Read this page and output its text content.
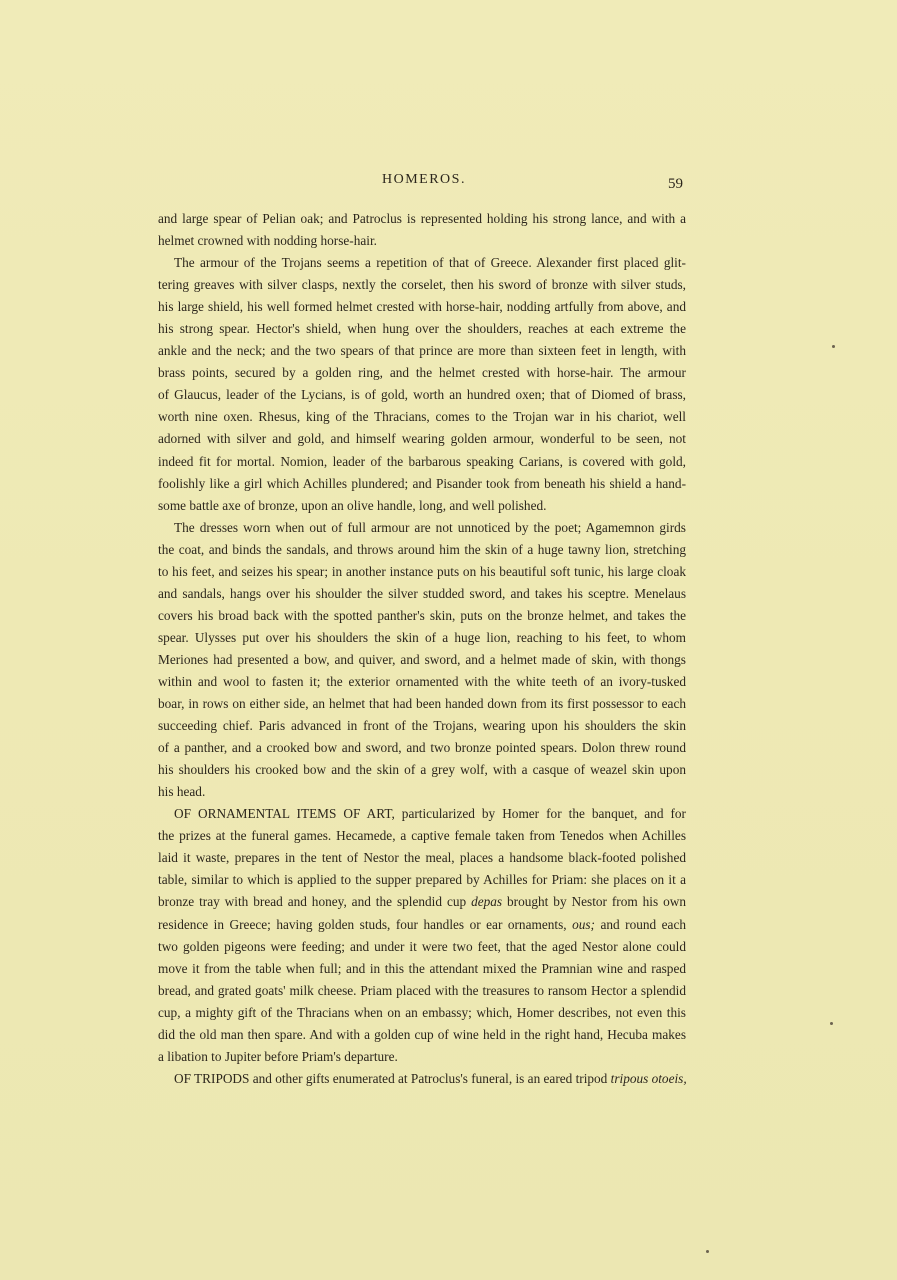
HOMEROS.	59
and large spear of Pelian oak; and Patroclus is represented holding his strong lance, and with a
helmet crowned with nodding horse-hair.
The armour of the Trojans seems a repetition of that of Greece. Alexander first placed glit-
tering greaves with silver clasps, nextly the corselet, then his sword of bronze with silver studs,
his large shield, his well formed helmet crested with horse-hair, nodding artfully from above, and
his strong spear. Hector's shield, when hung over the shoulders, reaches at each extreme the
ankle and the neck; and the two spears of that prince are more than sixteen feet in length, with
brass points, secured by a golden ring, and the helmet crested with horse-hair. The armour
of Glaucus, leader of the Lycians, is of gold, worth an hundred oxen; that of Diomed of brass,
worth nine oxen. Rhesus, king of the Thracians, comes to the Trojan war in his chariot, well
adorned with silver and gold, and himself wearing golden armour, wonderful to be seen, not
indeed fit for mortal. Nomion, leader of the barbarous speaking Carians, is covered with gold,
foolishly like a girl which Achilles plundered; and Pisander took from beneath his shield a hand-
some battle axe of bronze, upon an olive handle, long, and well polished.
The dresses worn when out of full armour are not unnoticed by the poet; Agamemnon girds
the coat, and binds the sandals, and throws around him the skin of a huge tawny lion, stretching
to his feet, and seizes his spear; in another instance puts on his beautiful soft tunic, his large cloak
and sandals, hangs over his shoulder the silver studded sword, and takes his sceptre. Menelaus
covers his broad back with the spotted panther's skin, puts on the bronze helmet, and takes the
spear. Ulysses put over his shoulders the skin of a huge lion, reaching to his feet, to whom
Meriones had presented a bow, and quiver, and sword, and a helmet made of skin, with thongs
within and wool to fasten it; the exterior ornamented with the white teeth of an ivory-tusked
boar, in rows on either side, an helmet that had been handed down from its first possessor to each
succeeding chief. Paris advanced in front of the Trojans, wearing upon his shoulders the skin
of a panther, and a crooked bow and sword, and two bronze pointed spears. Dolon threw round
his shoulders his crooked bow and the skin of a grey wolf, with a casque of weazel skin upon
his head.
OF ORNAMENTAL ITEMS OF ART, particularized by Homer for the banquet, and for
the prizes at the funeral games. Hecamede, a captive female taken from Tenedos when Achilles
laid it waste, prepares in the tent of Nestor the meal, places a handsome black-footed polished
table, similar to which is applied to the supper prepared by Achilles for Priam: she places on it a
bronze tray with bread and honey, and the splendid cup depas brought by Nestor from his own
residence in Greece; having golden studs, four handles or ear ornaments, ous; and round each
two golden pigeons were feeding; and under it were two feet, that the aged Nestor alone could
move it from the table when full; and in this the attendant mixed the Pramnian wine and rasped
bread, and grated goats' milk cheese. Priam placed with the treasures to ransom Hector a splendid
cup, a mighty gift of the Thracians when on an embassy; which, Homer describes, not even this
did the old man then spare. And with a golden cup of wine held in the right hand, Hecuba makes
a libation to Jupiter before Priam's departure.
OF TRIPODS and other gifts enumerated at Patroclus's funeral, is an eared tripod tripous otoeis,
